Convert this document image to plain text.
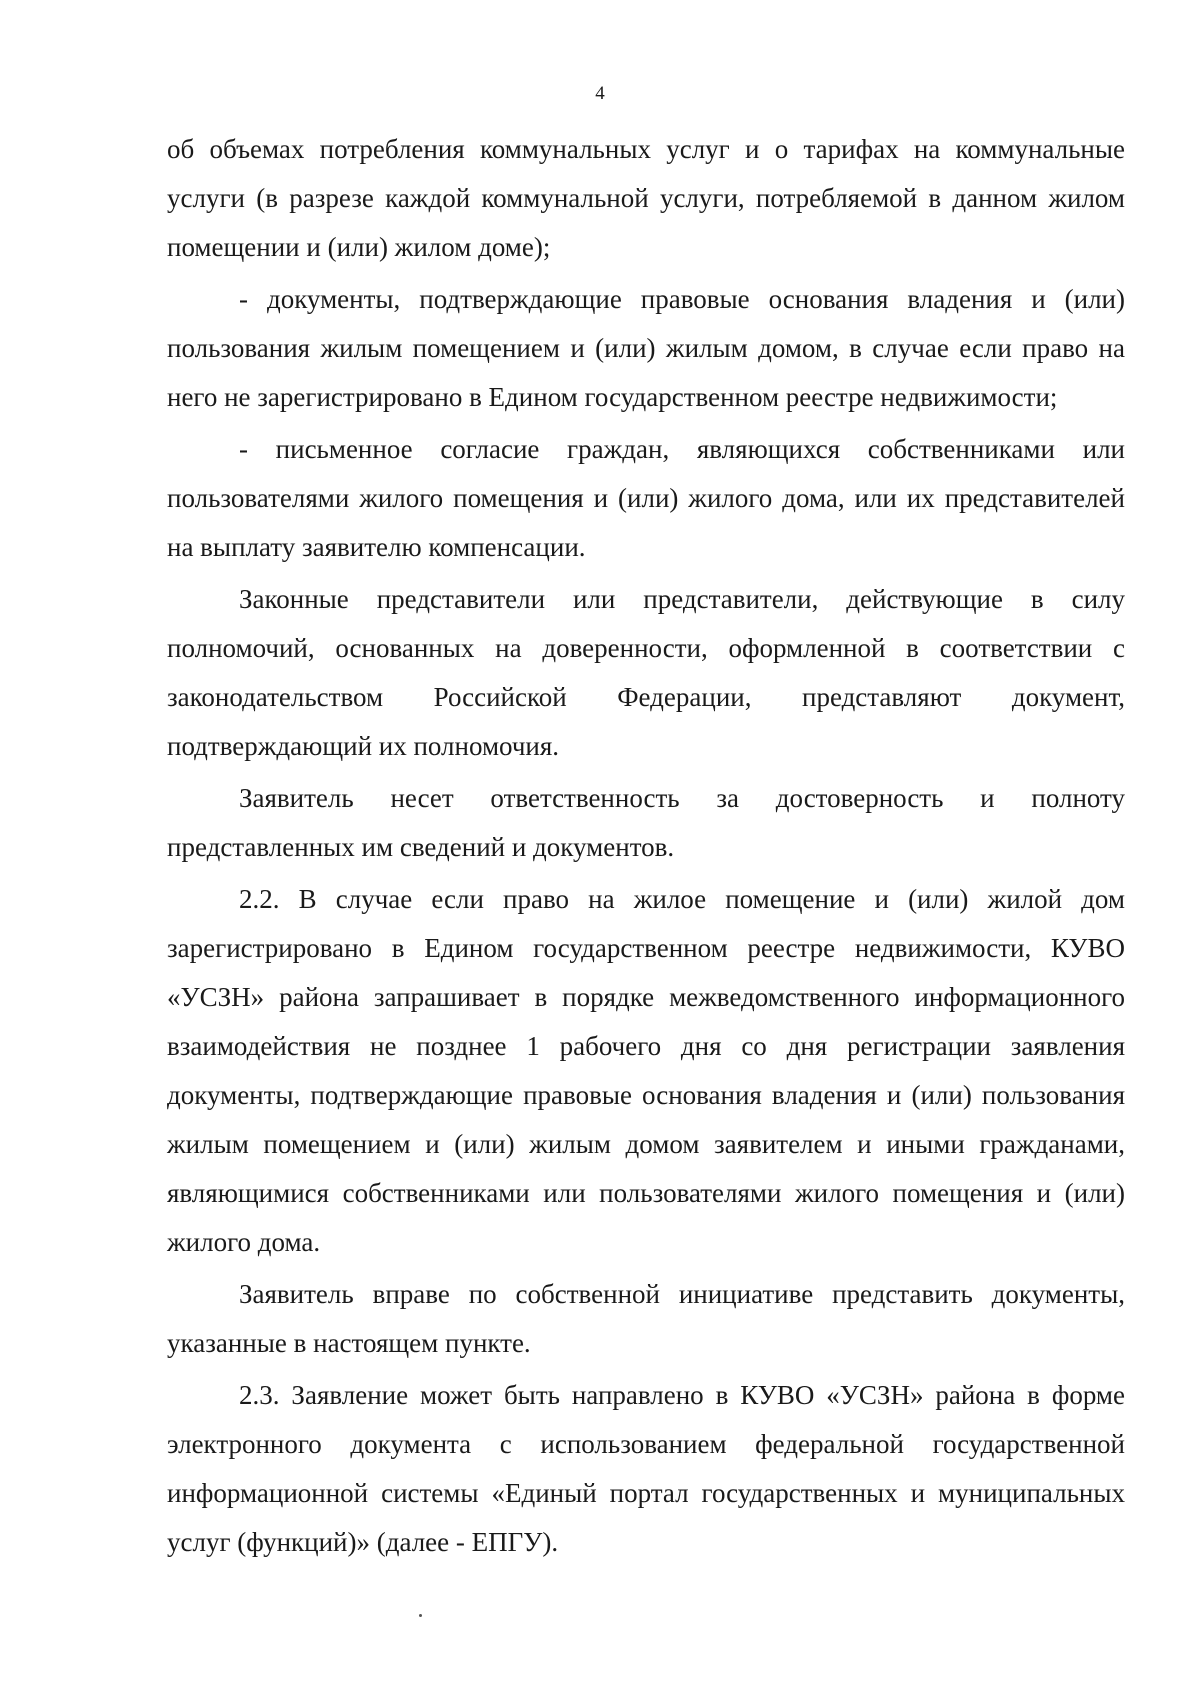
4

об объемах потребления коммунальных услуг и о тарифах на коммунальные услуги (в разрезе каждой коммунальной услуги, потребляемой в данном жилом помещении и (или) жилом доме);

- документы, подтверждающие правовые основания владения и (или) пользования жилым помещением и (или) жилым домом, в случае если право на него не зарегистрировано в Едином государственном реестре недвижимости;

- письменное согласие граждан, являющихся собственниками или пользователями жилого помещения и (или) жилого дома, или их представителей на выплату заявителю компенсации.

Законные представители или представители, действующие в силу полномочий, основанных на доверенности, оформленной в соответствии с законодательством Российской Федерации, представляют документ, подтверждающий их полномочия.

Заявитель несет ответственность за достоверность и полноту представленных им сведений и документов.

2.2. В случае если право на жилое помещение и (или) жилой дом зарегистрировано в Едином государственном реестре недвижимости, КУВО «УСЗН» района запрашивает в порядке межведомственного информационного взаимодействия не позднее 1 рабочего дня со дня регистрации заявления документы, подтверждающие правовые основания владения и (или) пользования жилым помещением и (или) жилым домом заявителем и иными гражданами, являющимися собственниками или пользователями жилого помещения и (или) жилого дома.

Заявитель вправе по собственной инициативе представить документы, указанные в настоящем пункте.

2.3. Заявление может быть направлено в КУВО «УСЗН» района в форме электронного документа с использованием федеральной государственной информационной системы «Единый портал государственных и муниципальных услуг (функций)» (далее - ЕПГУ).
